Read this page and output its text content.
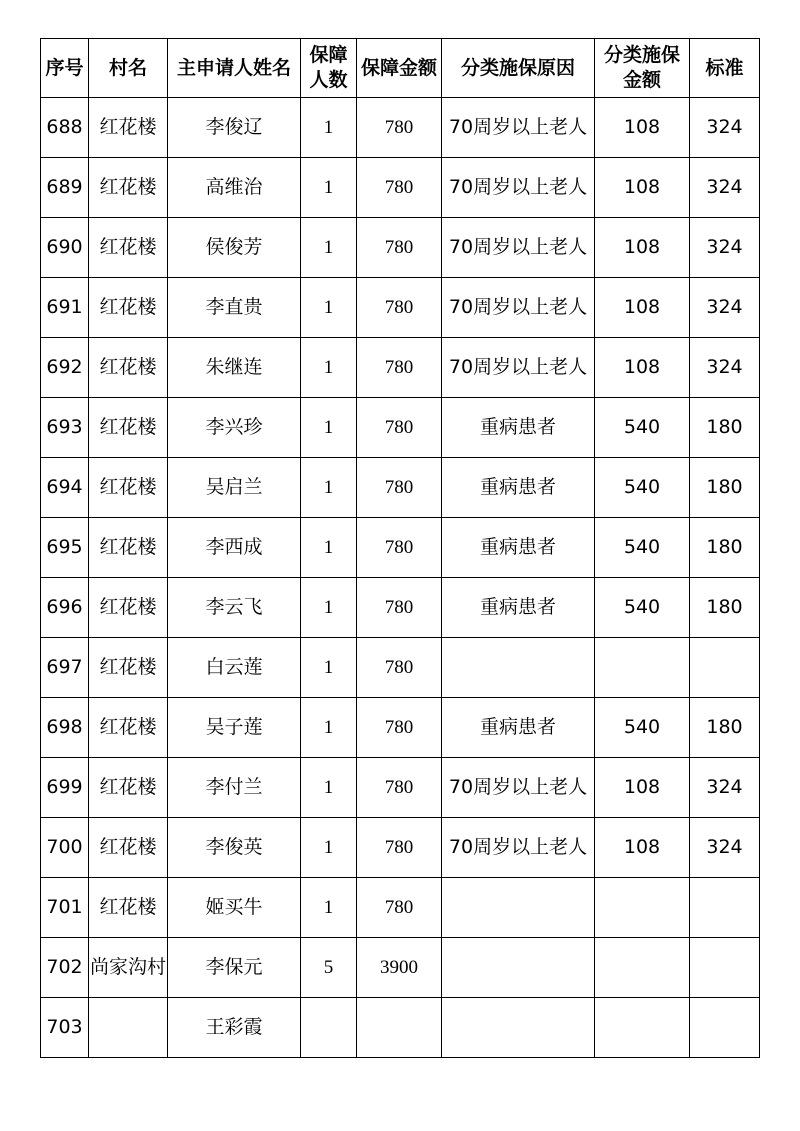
序号	村名	主申请人姓名	保障人数	保障金额	分类施保原因	分类施保金额	标准
688	红花楼	李俊辽	1	780	70周岁以上老人	108	324
689	红花楼	高维治	1	780	70周岁以上老人	108	324
690	红花楼	侯俊芳	1	780	70周岁以上老人	108	324
691	红花楼	李直贵	1	780	70周岁以上老人	108	324
692	红花楼	朱继连	1	780	70周岁以上老人	108	324
693	红花楼	李兴珍	1	780	重病患者	540	180
694	红花楼	吴启兰	1	780	重病患者	540	180
695	红花楼	李西成	1	780	重病患者	540	180
696	红花楼	李云飞	1	780	重病患者	540	180
697	红花楼	白云莲	1	780			
698	红花楼	吴子莲	1	780	重病患者	540	180
699	红花楼	李付兰	1	780	70周岁以上老人	108	324
700	红花楼	李俊英	1	780	70周岁以上老人	108	324
701	红花楼	姬买牛	1	780			
702	尚家沟村	李保元	5	3900			
703		王彩霞					
